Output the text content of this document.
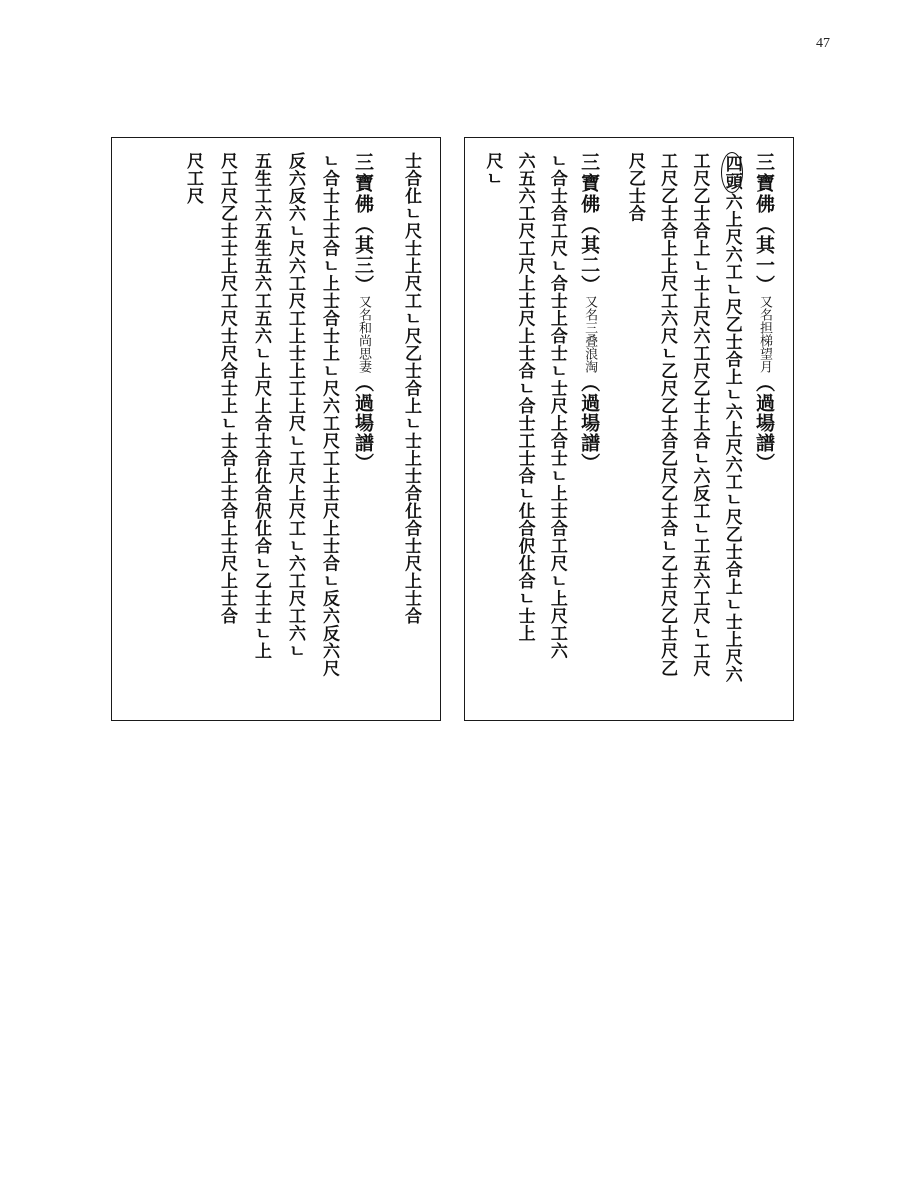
47
三寶佛（其一）又名担梯望月（過場譜）
四頭六上尺六工ㄴ尺乙士合上ㄴ六上尺六工ㄴ尺乙士合上ㄴ士上尺六
工尺乙士合上ㄴ士上尺六工尺乙士上合ㄴ六反工ㄴ工五六工尺ㄴ工尺
工尺乙士合上上尺工六尺ㄴ乙尺乙士合乙尺乙士合ㄴ乙士尺乙士尺乙
尺乙士合
三寶佛（其二）又名三叠浪淘（過場譜）
ㄴ合士合工尺ㄴ合士上合士ㄴ士尺上合士ㄴ上士合工尺ㄴ上尺工六
六五六工尺工尺上士尺上士合ㄴ合士工士合ㄴ仩合伬仩合ㄴ士上
尺ㄴ
士合仩ㄴ尺士上尺工ㄴ尺乙士合上ㄴ士上士合仩合士尺上士合
三寶佛（其三）又名和尚思妻（過場譜）
ㄴ合士上士合ㄴ上士合士上ㄴ尺六工尺工上士尺上士合ㄴ反六反六尺
反六反六ㄴ尺六工尺工上士上工上尺ㄴ工尺上尺工ㄴ六工尺工六ㄴ
五生工六五生五六工五六ㄴ上尺上合士合仩合伬仩合ㄴ乙士士ㄴ上
尺工尺乙士士上尺工尺士尺合士上ㄴ士合上士合上士尺上士合
尺工尺
